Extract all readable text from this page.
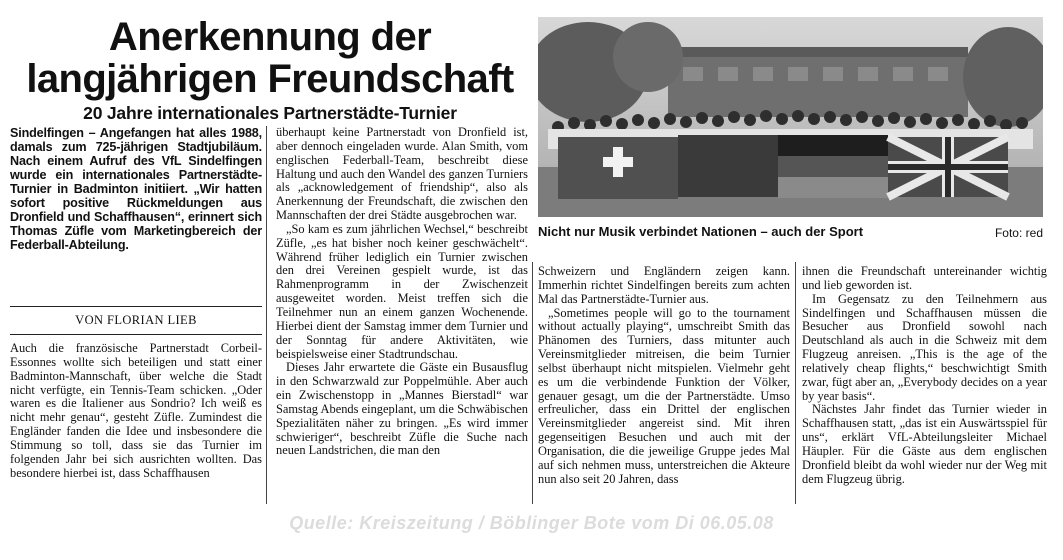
Anerkennung der
langjährigen Freundschaft
20 Jahre internationales Partnerstädte-Turnier
Sindelfingen – Angefangen hat alles 1988, damals zum 725-jährigen Stadtjubiläum. Nach einem Aufruf des VfL Sindelfingen wurde ein internationales Partnerstädte-Turnier in Badminton initiiert. „Wir hatten sofort positive Rückmeldungen aus Dronfield und Schaffhausen“, erinnert sich Thomas Züfle vom Marketingbereich der Federball-Abteilung.
VON FLORIAN LIEB

Auch die französische Partnerstadt Corbeil-Essonnes wollte sich beteiligen und statt einer Badminton-Mannschaft, über welche die Stadt nicht verfügte, ein Tennis-Team schicken. „Oder waren es die Italiener aus Sondrio? Ich weiß es nicht mehr genau“, gesteht Züfle. Zumindest die Engländer fanden die Idee und insbesondere die Stimmung so toll, dass sie das Turnier im folgenden Jahr bei sich ausrichten wollten. Das besondere hierbei ist, dass Schaffhausen

überhaupt keine Partnerstadt von Dronfield ist, aber dennoch eingeladen wurde. Alan Smith, vom englischen Federball-Team, beschreibt diese Haltung und auch den Wandel des ganzen Turniers als „acknowledgement of friendship“, also als Anerkennung der Freundschaft, die zwischen den Mannschaften der drei Städte ausgebrochen war.

„So kam es zum jährlichen Wechsel,“ beschreibt Züfle, „es hat bisher noch keiner geschwächelt“. Während früher lediglich ein Turnier zwischen den drei Vereinen gespielt wurde, ist das Rahmenprogramm in der Zwischenzeit ausgeweitet worden. Meist treffen sich die Teilnehmer nun an einem ganzen Wochenende. Hierbei dient der Samstag immer dem Turnier und der Sonntag für andere Aktivitäten, wie beispielsweise einer Stadtrundschau.

Dieses Jahr erwartete die Gäste ein Busausflug in den Schwarzwald zur Poppelmühle. Aber auch ein Zwischenstopp in „Mannes Bierstadl“ war Samstag Abends eingeplant, um die Schwäbischen Spezialitäten näher zu bringen. „Es wird immer schwieriger“, beschreibt Züfle die Suche nach neuen Landstrichen, die man den

Schweizern und Engländern zeigen kann. Immerhin richtet Sindelfingen bereits zum achten Mal das Partnerstädte-Turnier aus.

„Sometimes people will go to the tournament without actually playing“, umschreibt Smith das Phänomen des Turniers, dass mitunter auch Vereinsmitglieder mitreisen, die beim Turnier selbst überhaupt nicht mitspielen. Vielmehr geht es um die verbindende Funktion der Völker, genauer gesagt, um die der Partnerstädte. Umso erfreulicher, dass ein Drittel der englischen Vereinsmitglieder angereist sind. Mit ihren gegenseitigen Besuchen und auch mit der Organisation, die die jeweilige Gruppe jedes Mal auf sich nehmen muss, unterstreichen die Akteure nun also seit 20 Jahren, dass

ihnen die Freundschaft untereinander wichtig und lieb geworden ist.

Im Gegensatz zu den Teilnehmern aus Sindelfingen und Schaffhausen müssen die Besucher aus Dronfield sowohl nach Deutschland als auch in die Schweiz mit dem Flugzeug anreisen. „This is the age of the relatively cheap flights,“ beschwichtigt Smith zwar, fügt aber an, „Everybody decides on a year by year basis“.

Nächstes Jahr findet das Turnier wieder in Schaffhausen statt, „das ist ein Auswärtsspiel für uns“, erklärt VfL-Abteilungsleiter Michael Häupler. Für die Gäste aus dem englischen Dronfield bleibt da wohl wieder nur der Weg mit dem Flugzeug übrig.

Nicht nur Musik verbindet Nationen – auch der Sport	Foto: red
Quelle: Kreiszeitung / Böblinger Bote vom Di 06.05.08
